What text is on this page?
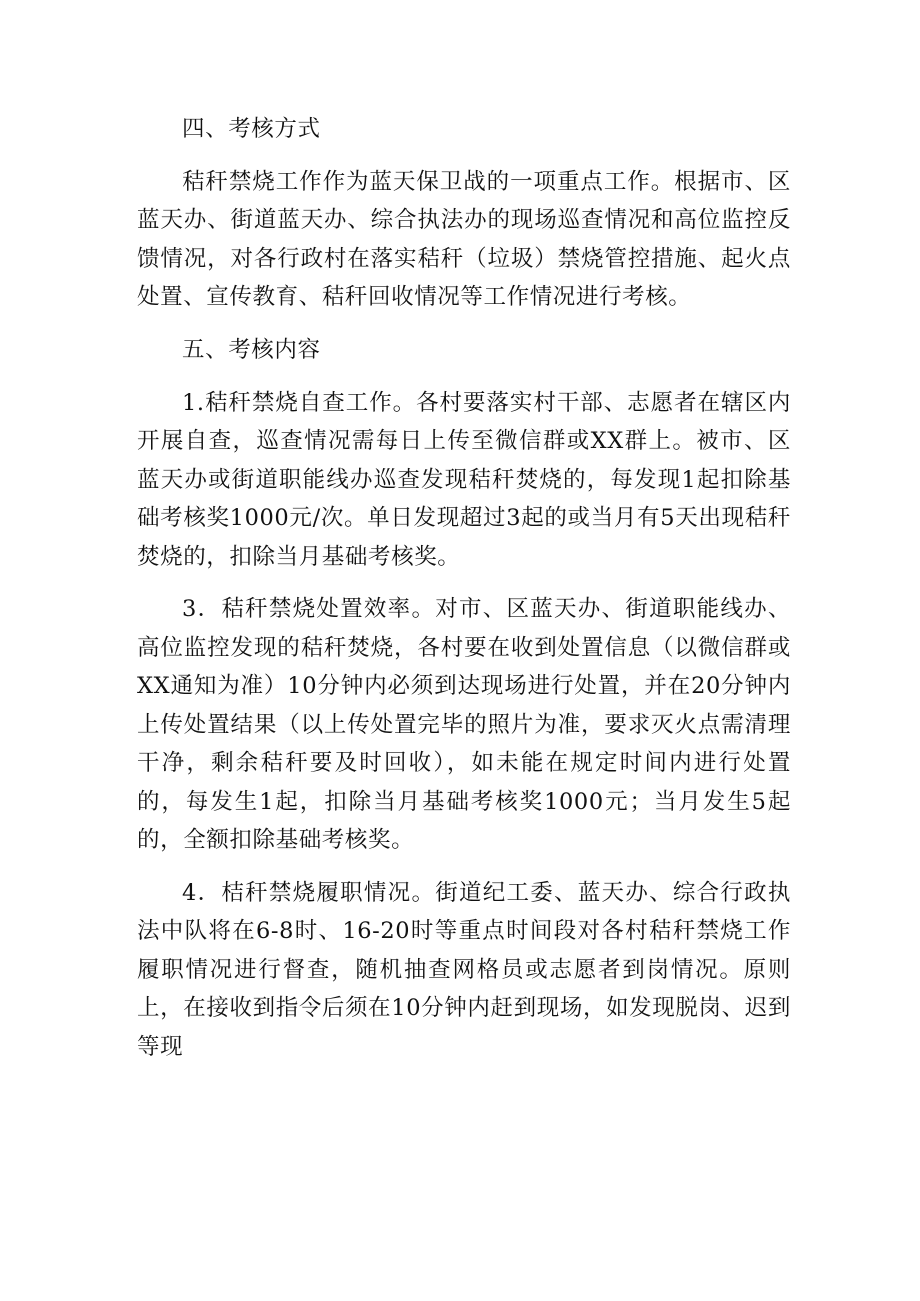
四、考核方式

秸秆禁烧工作作为蓝天保卫战的一项重点工作。根据市、区蓝天办、街道蓝天办、综合执法办的现场巡查情况和高位监控反馈情况，对各行政村在落实秸秆（垃圾）禁烧管控措施、起火点处置、宣传教育、秸秆回收情况等工作情况进行考核。

五、考核内容

1.秸秆禁烧自查工作。各村要落实村干部、志愿者在辖区内开展自查，巡查情况需每日上传至微信群或XX群上。被市、区蓝天办或街道职能线办巡查发现秸秆焚烧的，每发现1起扣除基础考核奖1000元/次。单日发现超过3起的或当月有5天出现秸秆焚烧的，扣除当月基础考核奖。

3．秸秆禁烧处置效率。对市、区蓝天办、街道职能线办、高位监控发现的秸秆焚烧，各村要在收到处置信息（以微信群或XX通知为准）10分钟内必须到达现场进行处置，并在20分钟内上传处置结果（以上传处置完毕的照片为准，要求灭火点需清理干净，剩余秸秆要及时回收），如未能在规定时间内进行处置的，每发生1起，扣除当月基础考核奖1000元；当月发生5起的，全额扣除基础考核奖。

4．桔秆禁烧履职情况。街道纪工委、蓝天办、综合行政执法中队将在6-8时、16-20时等重点时间段对各村秸秆禁烧工作履职情况进行督查，随机抽查网格员或志愿者到岗情况。原则上，在接收到指令后须在10分钟内赶到现场，如发现脱岗、迟到等现
